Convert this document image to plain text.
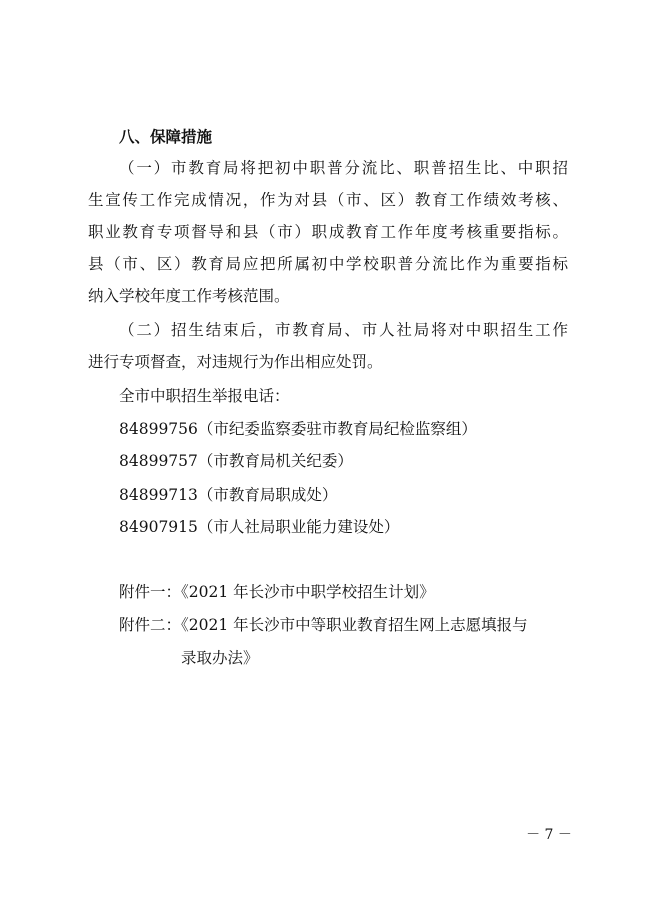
八、保障措施
（一）市教育局将把初中职普分流比、职普招生比、中职招
生宣传工作完成情况，作为对县（市、区）教育工作绩效考核、
职业教育专项督导和县（市）职成教育工作年度考核重要指标。
县（市、区）教育局应把所属初中学校职普分流比作为重要指标
纳入学校年度工作考核范围。
（二）招生结束后，市教育局、市人社局将对中职招生工作
进行专项督查，对违规行为作出相应处罚。
全市中职招生举报电话：
84899756（市纪委监察委驻市教育局纪检监察组）
84899757（市教育局机关纪委）
84899713（市教育局职成处）
84907915（市人社局职业能力建设处）
附件一：《2021 年长沙市中职学校招生计划》
附件二：《2021 年长沙市中等职业教育招生网上志愿填报与
录取办法》
－ 7 －
